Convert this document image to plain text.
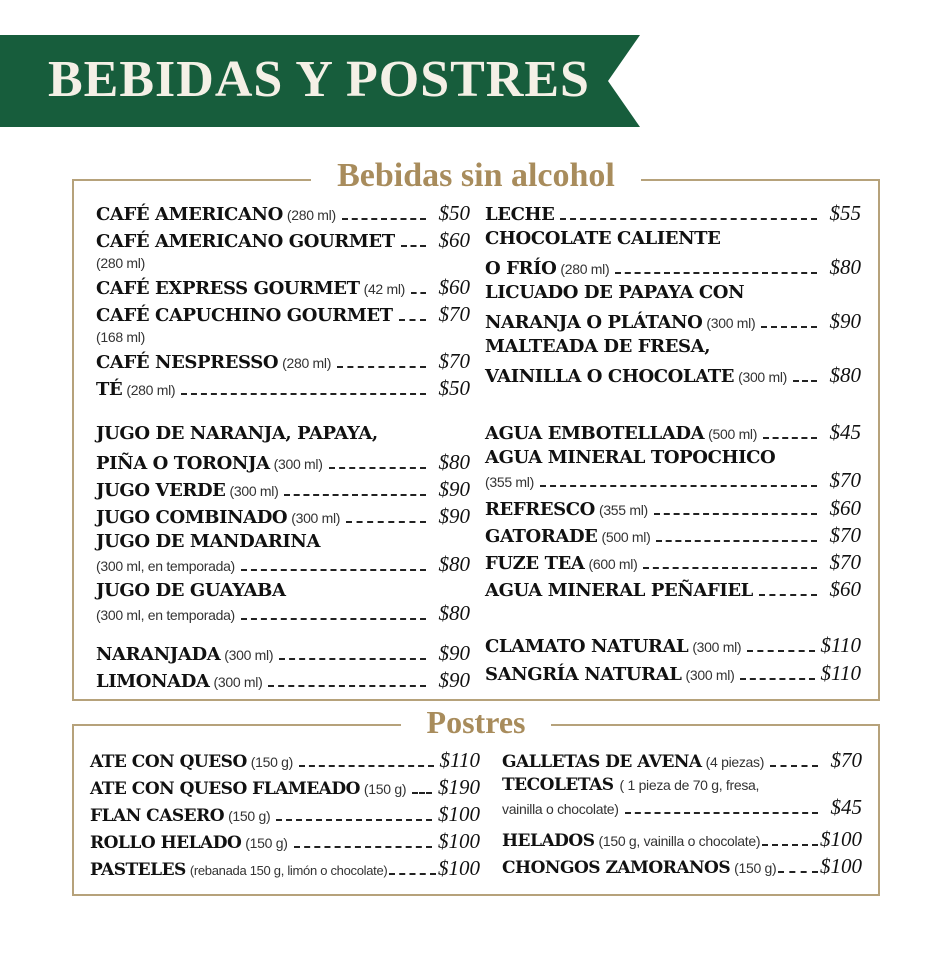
BEBIDAS Y POSTRES
Bebidas sin alcohol
CAFÉ AMERICANO (280 ml)	$50
CAFÉ AMERICANO GOURMET	$60
(280 ml)
CAFÉ EXPRESS GOURMET (42 ml)	$60
CAFÉ CAPUCHINO GOURMET	$70
(168 ml)
CAFÉ NESPRESSO (280 ml)	$70
TÉ (280 ml)	$50
JUGO DE NARANJA, PAPAYA,
PIÑA O TORONJA (300 ml)	$80
JUGO VERDE (300 ml)	$90
JUGO COMBINADO (300 ml)	$90
JUGO DE MANDARINA
(300 ml, en temporada)	$80
JUGO DE GUAYABA
(300 ml, en temporada)	$80
NARANJADA (300 ml)	$90
LIMONADA (300 ml)	$90
LECHE	$55
CHOCOLATE CALIENTE
O FRÍO (280 ml)	$80
LICUADO DE PAPAYA CON
NARANJA O PLÁTANO (300 ml)	$90
MALTEADA DE FRESA,
VAINILLA O CHOCOLATE (300 ml)	$80
AGUA EMBOTELLADA (500 ml)	$45
AGUA MINERAL TOPOCHICO
(355 ml)	$70
REFRESCO (355 ml)	$60
GATORADE (500 ml)	$70
FUZE TEA (600 ml)	$70
AGUA MINERAL PEÑAFIEL	$60
CLAMATO NATURAL (300 ml)	$110
SANGRÍA NATURAL (300 ml)	$110
Postres
ATE CON QUESO (150 g)	$110
ATE CON QUESO FLAMEADO (150 g) $190
FLAN CASERO (150 g)	$100
ROLLO HELADO (150 g)	$100
PASTELES (rebanada 150 g, limón o chocolate) $100
GALLETAS DE AVENA (4 piezas)	$70
TECOLETAS ( 1 pieza de 70 g, fresa,
vainilla o chocolate)	$45
HELADOS (150 g, vainilla o chocolate)	$100
CHONGOS ZAMORANOS (150 g) $100
